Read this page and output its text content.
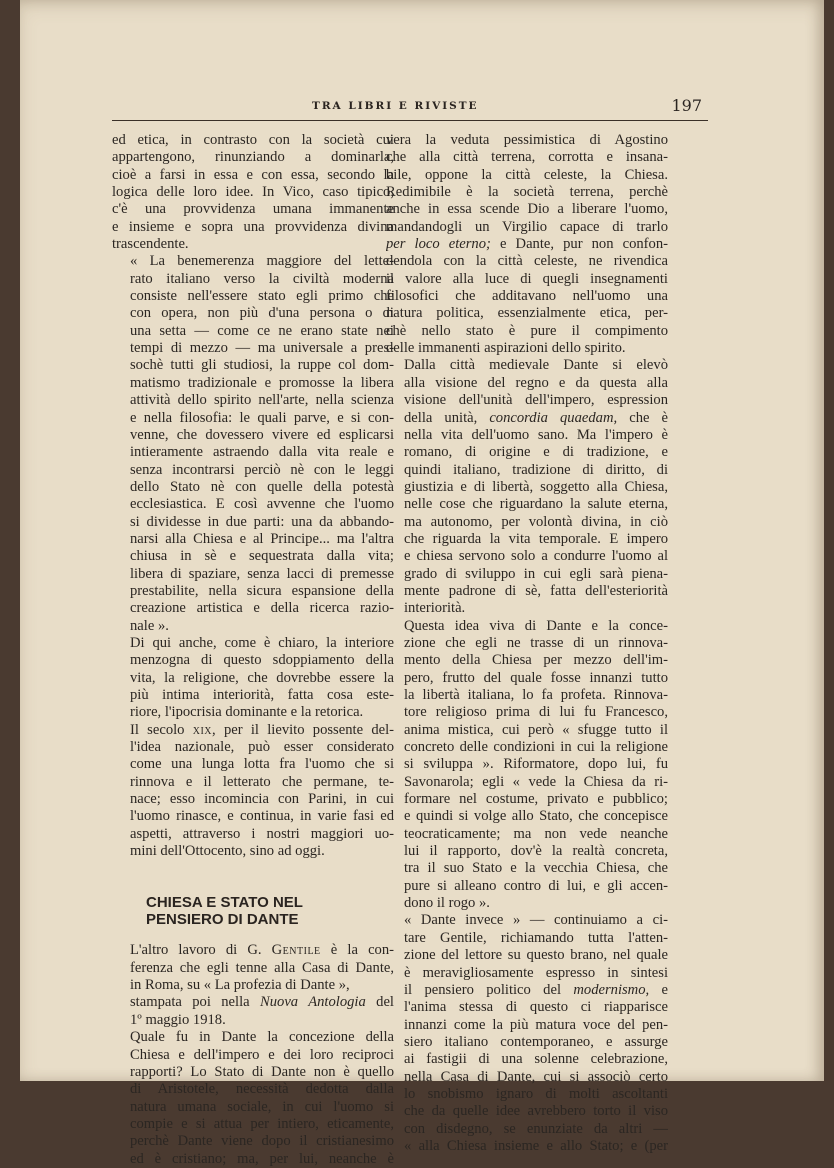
TRA LIBRI E RIVISTE	197

ed etica, in contrasto con la società cui
appartengono, rinunziando a dominarla,
cioè a farsi in essa e con essa, secondo la
logica delle loro idee. In Vico, caso tipico,
c'è una provvidenza umana immanente
e insieme e sopra una provvidenza divina
trascendente.

« La benemerenza maggiore del lette-
rato italiano verso la civiltà moderna
consiste nell'essere stato egli primo che
con opera, non più d'una persona o di
una setta — come ce ne erano state nei
tempi di mezzo — ma universale a pres-
sochè tutti gli studiosi, la ruppe col dom-
matismo tradizionale e promosse la libera
attività dello spirito nell'arte, nella scienza
e nella filosofia: le quali parve, e si con-
venne, che dovessero vivere ed esplicarsi
intieramente astraendo dalla vita reale e
senza incontrarsi perciò nè con le leggi
dello Stato nè con quelle della potestà
ecclesiastica. E così avvenne che l'uomo
si dividesse in due parti: una da abbando-
narsi alla Chiesa e al Principe... ma l'altra
chiusa in sè e sequestrata dalla vita;
libera di spaziare, senza lacci di premesse
prestabilite, nella sicura espansione della
creazione artistica e della ricerca razio-
nale ».

Di qui anche, come è chiaro, la interiore
menzogna di questo sdoppiamento della
vita, la religione, che dovrebbe essere la
più intima interiorità, fatta cosa este-
riore, l'ipocrisia dominante e la retorica.

Il secolo xix, per il lievito possente del-
l'idea nazionale, può esser considerato
come una lunga lotta fra l'uomo che si
rinnova e il letterato che permane, te-
nace; esso incomincia con Parini, in cui
l'uomo rinasce, e continua, in varie fasi ed
aspetti, attraverso i nostri maggiori uo-
mini dell'Ottocento, sino ad oggi.

CHIESA E STATO NEL
PENSIERO DI DANTE

L'altro lavoro di G. Gentile è la con-
ferenza che egli tenne alla Casa di Dante,
in Roma, su « La profezia di Dante »,
stampata poi nella Nuova Antologia del
1º maggio 1918.

Quale fu in Dante la concezione della
Chiesa e dell'impero e dei loro reciproci
rapporti? Lo Stato di Dante non è quello
di Aristotele, necessità dedotta dalla
natura umana sociale, in cui l'uomo si
compie e si attua per intiero, eticamente,
perchè Dante viene dopo il cristianesimo
ed è cristiano; ma, per lui, neanche è

vera la veduta pessimistica di Agostino
che alla città terrena, corrotta e insana-
bile, oppone la città celeste, la Chiesa.
Redimibile è la società terrena, perchè
anche in essa scende Dio a liberare l'uomo,
mandandogli un Virgilio capace di trarlo
per loco eterno; e Dante, pur non confon-
dendola con la città celeste, ne rivendica
il valore alla luce di quegli insegnamenti
filosofici che additavano nell'uomo una
natura politica, essenzialmente etica, per-
chè nello stato è pure il compimento
delle immanenti aspirazioni dello spirito.

Dalla città medievale Dante si elevò
alla visione del regno e da questa alla
visione dell'unità dell'impero, espression
della unità, concordia quaedam, che è
nella vita dell'uomo sano. Ma l'impero è
romano, di origine e di tradizione, e
quindi italiano, tradizione di diritto, di
giustizia e di libertà, soggetto alla Chiesa,
nelle cose che riguardano la salute eterna,
ma autonomo, per volontà divina, in ciò
che riguarda la vita temporale. E impero
e chiesa servono solo a condurre l'uomo al
grado di sviluppo in cui egli sarà piena-
mente padrone di sè, fatta dell'esteriorità
interiorità.

Questa idea viva di Dante e la conce-
zione che egli ne trasse di un rinnova-
mento della Chiesa per mezzo dell'im-
pero, frutto del quale fosse innanzi tutto
la libertà italiana, lo fa profeta. Rinnova-
tore religioso prima di lui fu Francesco,
anima mistica, cui però « sfugge tutto il
concreto delle condizioni in cui la religione
si sviluppa ». Riformatore, dopo lui, fu
Savonarola; egli « vede la Chiesa da ri-
formare nel costume, privato e pubblico;
e quindi si volge allo Stato, che concepisce
teocraticamente; ma non vede neanche
lui il rapporto, dov'è la realtà concreta,
tra il suo Stato e la vecchia Chiesa, che
pure si alleano contro di lui, e gli accen-
dono il rogo ».

« Dante invece » — continuiamo a ci-
tare Gentile, richiamando tutta l'atten-
zione del lettore su questo brano, nel quale
è meravigliosamente espresso in sintesi
il pensiero politico del modernismo, e
l'anima stessa di questo ci riapparisce
innanzi come la più matura voce del pen-
siero italiano contemporaneo, e assurge
ai fastigii di una solenne celebrazione,
nella Casa di Dante, cui si associò certo
lo snobismo ignaro di molti ascoltanti
che da quelle idee avrebbero torto il viso
con disdegno, se enunziate da altri —
« alla Chiesa insieme e allo Stato; e (per
